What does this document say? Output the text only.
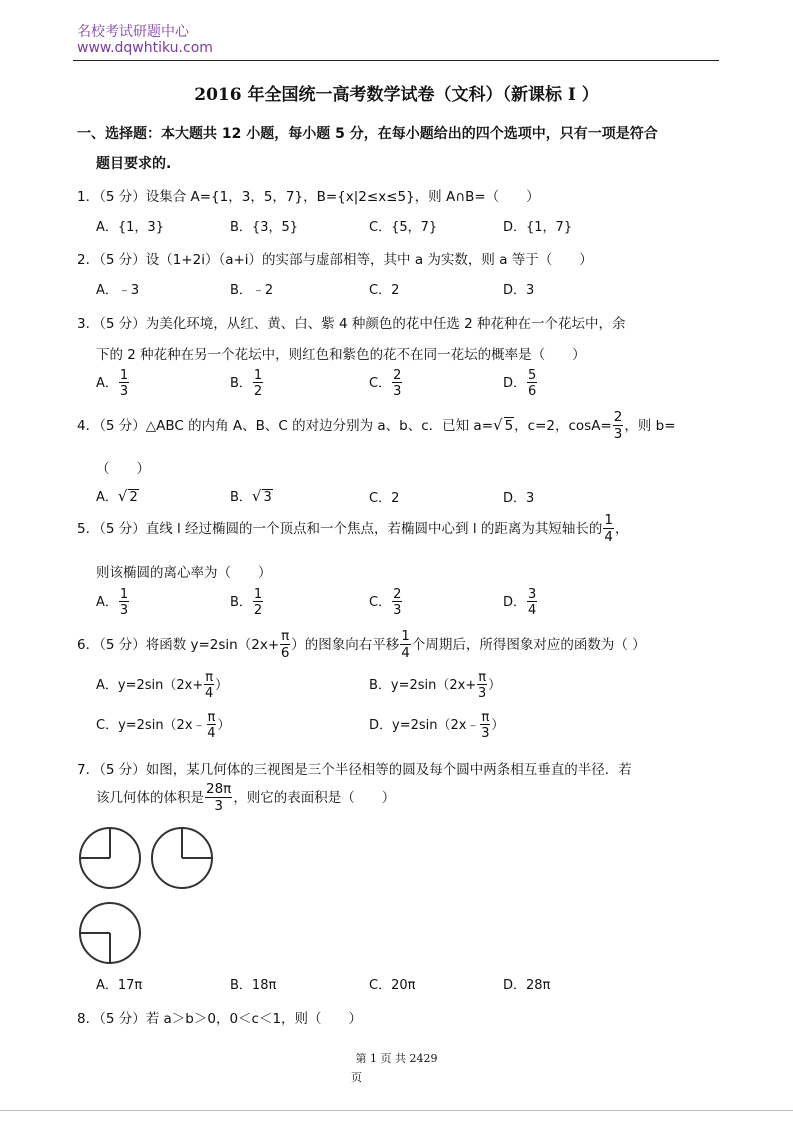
名校考试研题中心
www.dqwhtiku.com
2016 年全国统一高考数学试卷（文科）（新课标 I ）
一、选择题：本大题共 12 小题，每小题 5 分，在每小题给出的四个选项中，只有一项是符合
题目要求的.
1．（5 分）设集合 A={1，3，5，7}，B={x|2≤x≤5}，则 A∩B=（　　）
A．{1，3}	B．{3，5}	C．{5，7}	D．{1，7}
2．（5 分）设（1+2i）（a+i）的实部与虚部相等，其中 a 为实数，则 a 等于（　　）
A．﹣3	B．﹣2	C．2	D．3
3．（5 分）为美化环境，从红、黄、白、紫 4 种颜色的花中任选 2 种花种在一个花坛中，余
下的 2 种花种在另一个花坛中，则红色和紫色的花不在同一花坛的概率是（　　）
A． $\frac{1}{3}$	B． $\frac{1}{2}$	C． $\frac{2}{3}$	D． $\frac{5}{6}$
4．（5 分）△ABC 的内角 A、B、C 的对边分别为 a、b、c．已知 a=√ 5，c=2，$\cos A= \frac{2}{3}$ ，则 b=
（　　）
A．√ 2	B．√ 3	C．2	D．3
5．（5 分）直线 l 经过椭圆的一个顶点和一个焦点，若椭圆中心到 l 的距离为其短轴长的 $\frac{1}{4}$ ，
则该椭圆的离心率为（　　）
A． $\frac{1}{3}$	B． $\frac{1}{2}$	C． $\frac{2}{3}$	D． $\frac{3}{4}$
6．（5 分）将函数 $y=2\sin(2x+ \frac{\pi}{6}$ ）的图象向右平移 $\frac{1}{4}$ 个周期后，所得图象对应的函数为（ ）
A．$y=2\sin(2x+ \frac{\pi}{4}$ ）	B．$y=2\sin(2x+ \frac{\pi}{3}$ ）
C．y=2sin（2x﹣ $\frac{\pi}{4}$ ）	D．y=2sin（2x﹣ $\frac{\pi}{3}$ ）
7．（5 分）如图，某几何体的三视图是三个半径相等的圆及每个圆中两条相互垂直的半径．若
该几何体的体积是 $\frac{28\pi}{3}$ ，则它的表面积是（　　）
A．17π	B．18π	C．20π	D．28π
8．（5 分）若 a＞b＞0，0＜c＜1，则（　　）
第 1 页 共 2429
页
